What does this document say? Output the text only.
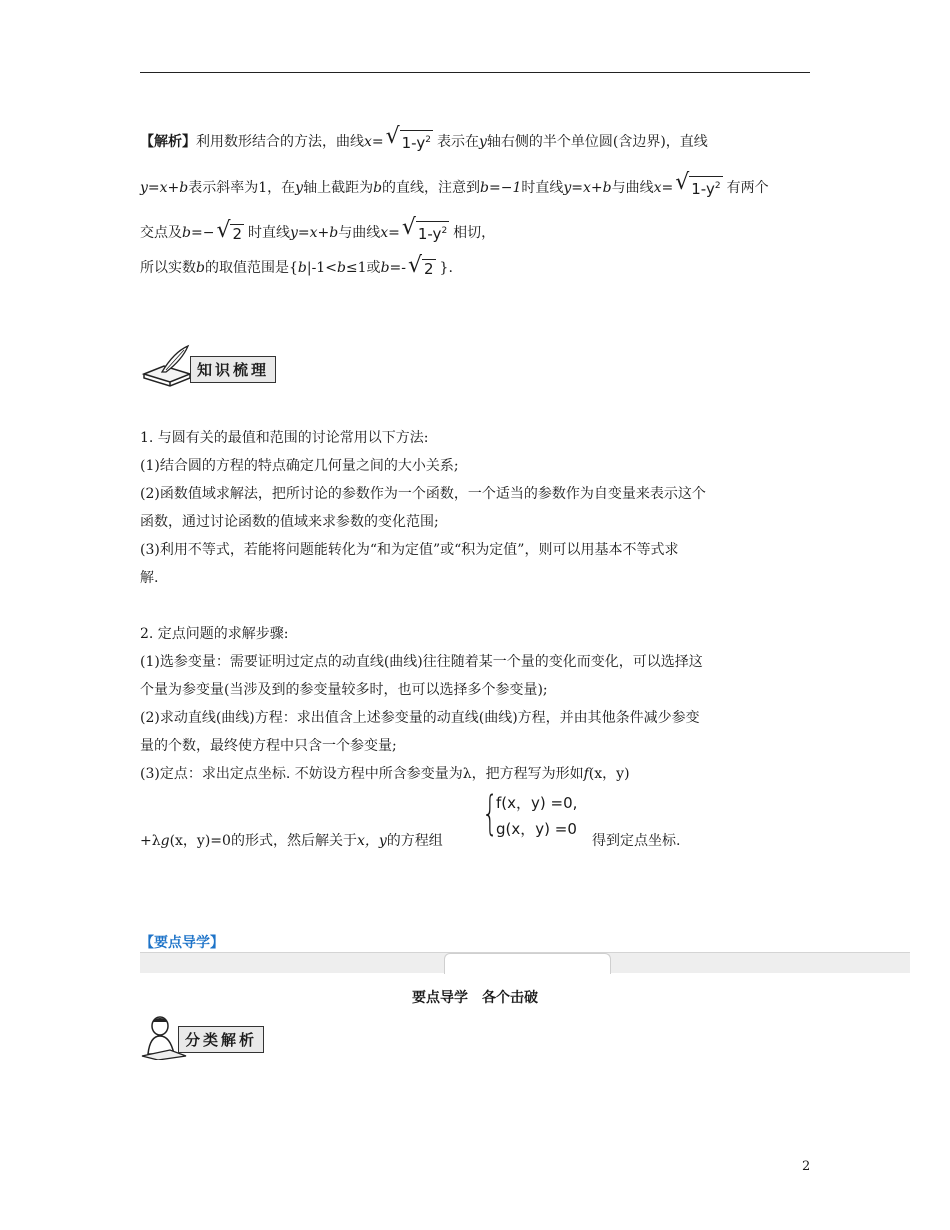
【解析】利用数形结合的方法，曲线x= √ $1-y^2$ 表示在y轴右侧的半个单位圆(含边界)，直线
y=x+b表示斜率为1，在y轴上截距为b的直线，注意到b=−1时直线y=x+b与曲线x= √ $1-y^2$ 有两个
交点及b=− √ 2 时直线y=x+b与曲线x= √ $1-y^2$ 相切，
所以实数b的取值范围是{b|-1<b≤1或b=- √ 2 }.
知识梳理
1. 与圆有关的最值和范围的讨论常用以下方法:
(1)结合圆的方程的特点确定几何量之间的大小关系;
(2)函数值域求解法，把所讨论的参数作为一个函数，一个适当的参数作为自变量来表示这个
函数，通过讨论函数的值域来求参数的变化范围;
(3)利用不等式，若能将问题能转化为“和为定值”或“积为定值”，则可以用基本不等式求
解.
2. 定点问题的求解步骤:
(1)选参变量：需要证明过定点的动直线(曲线)往往随着某一个量的变化而变化，可以选择这
个量为参变量(当涉及到的参变量较多时，也可以选择多个参变量);
(2)求动直线(曲线)方程：求出值含上述参变量的动直线(曲线)方程，并由其他条件减少参变
量的个数，最终使方程中只含一个参变量;
(3)定点：求出定点坐标. 不妨设方程中所含参变量为λ，把方程写为形如f(x，y)
{
f(x，y) =0,
g(x，y) =0
+λg(x，y)=0的形式，然后解关于x，y的方程组	得到定点坐标.
【要点导学】
要点导学　各个击破
分类解析
2
